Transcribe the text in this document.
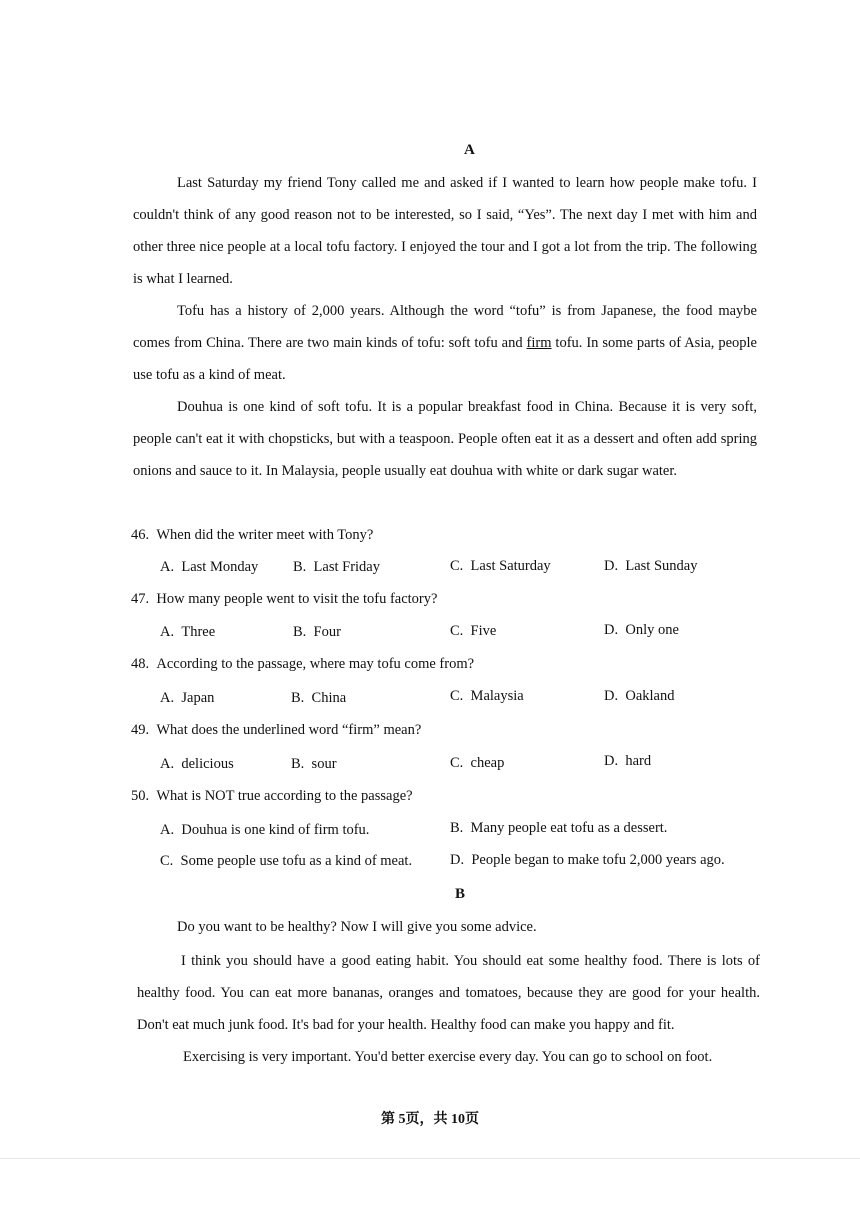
A
Last Saturday my friend Tony called me and asked if I wanted to learn how people make tofu. I couldn't think of any good reason not to be interested, so I said, “Yes”. The next day I met with him and other three nice people at a local tofu factory. I enjoyed the tour and I got a lot from the trip. The following is what I learned.
Tofu has a history of 2,000 years. Although the word “tofu” is from Japanese, the food maybe comes from China. There are two main kinds of tofu: soft tofu and firm tofu. In some parts of Asia, people use tofu as a kind of meat.
Douhua is one kind of soft tofu. It is a popular breakfast food in China. Because it is very soft, people can't eat it with chopsticks, but with a teaspoon. People often eat it as a dessert and often add spring onions and sauce to it. In Malaysia, people usually eat douhua with white or dark sugar water.
46. When did the writer meet with Tony?
A. Last Monday B. Last Friday	C. Last Saturday	D. Last Sunday
47. How many people went to visit the tofu factory?
A. Three	B. Four	C. Five	D. Only one
48. According to the passage, where may tofu come from?
A. Japan	B. China	C. Malaysia	D. Oakland
49. What does the underlined word “firm” mean?
A. delicious	B. sour	C. cheap	D. hard
50. What is NOT true according to the passage?
A. Douhua is one kind of firm tofu.	B. Many people eat tofu as a dessert.
C. Some people use tofu as a kind of meat.	D. People began to make tofu 2,000 years ago.
B
Do you want to be healthy? Now I will give you some advice.
I think you should have a good eating habit. You should eat some healthy food. There is lots of healthy food. You can eat more bananas, oranges and tomatoes, because they are good for your health. Don't eat much junk food. It's bad for your health. Healthy food can make you happy and fit.
Exercising is very important. You'd better exercise every day. You can go to school on foot.
第 5页，共 10页
